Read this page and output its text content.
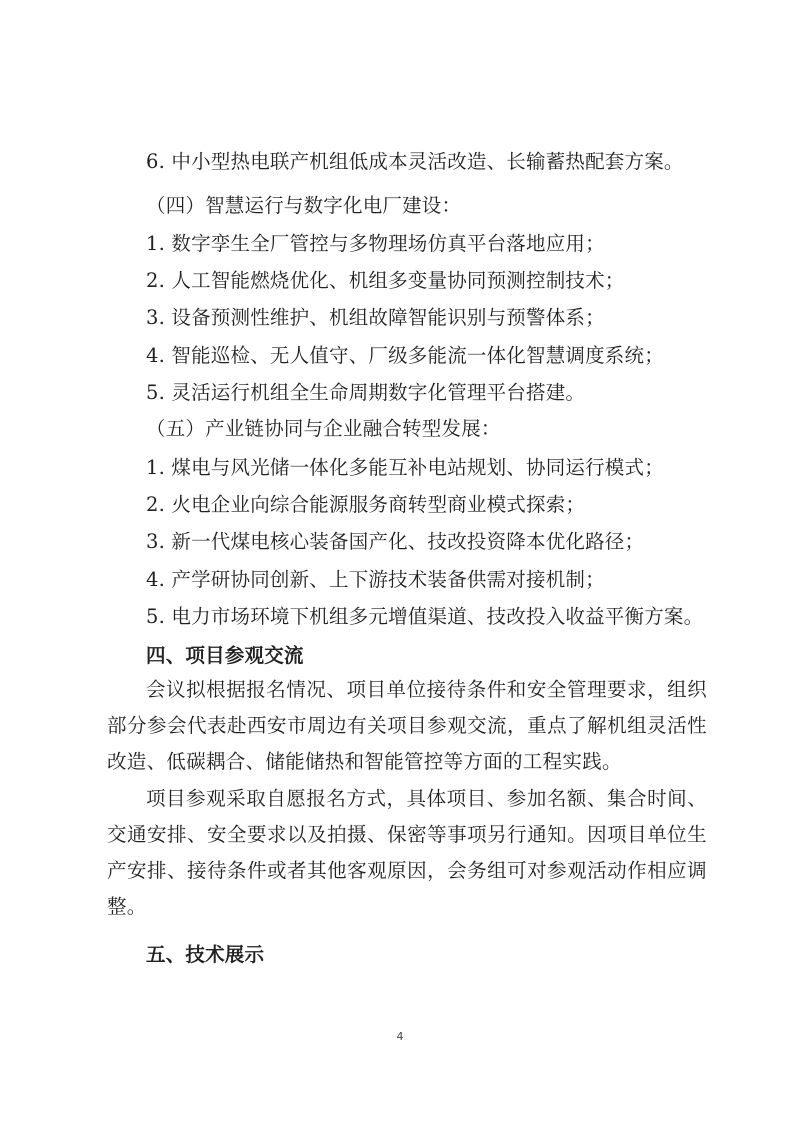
6. 中小型热电联产机组低成本灵活改造、长输蓄热配套方案。
（四）智慧运行与数字化电厂建设：
1. 数字孪生全厂管控与多物理场仿真平台落地应用；
2. 人工智能燃烧优化、机组多变量协同预测控制技术；
3. 设备预测性维护、机组故障智能识别与预警体系；
4. 智能巡检、无人值守、厂级多能流一体化智慧调度系统；
5. 灵活运行机组全生命周期数字化管理平台搭建。
（五）产业链协同与企业融合转型发展：
1. 煤电与风光储一体化多能互补电站规划、协同运行模式；
2. 火电企业向综合能源服务商转型商业模式探索；
3. 新一代煤电核心装备国产化、技改投资降本优化路径；
4. 产学研协同创新、上下游技术装备供需对接机制；
5. 电力市场环境下机组多元增值渠道、技改投入收益平衡方案。
四、项目参观交流
会议拟根据报名情况、项目单位接待条件和安全管理要求，组织部分参会代表赴西安市周边有关项目参观交流，重点了解机组灵活性改造、低碳耦合、储能储热和智能管控等方面的工程实践。
项目参观采取自愿报名方式，具体项目、参加名额、集合时间、交通安排、安全要求以及拍摄、保密等事项另行通知。因项目单位生产安排、接待条件或者其他客观原因，会务组可对参观活动作相应调整。
五、技术展示
4
